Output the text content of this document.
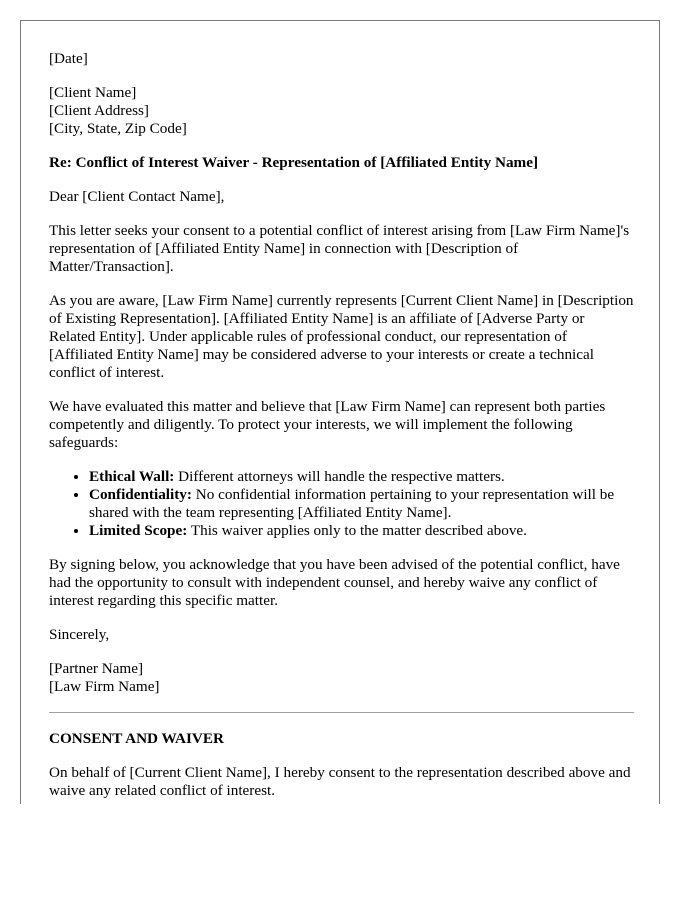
[Date]

[Client Name]

[Client Address]

[City, State, Zip Code]

Re: Conflict of Interest Waiver - Representation of [Affiliated Entity Name]

Dear [Client Contact Name],

This letter seeks your consent to a potential conflict of interest arising from [Law Firm Name]'s representation of [Affiliated Entity Name] in connection with [Description of Matter/Transaction].

As you are aware, [Law Firm Name] currently represents [Current Client Name] in [Description of Existing Representation]. [Affiliated Entity Name] is an affiliate of [Adverse Party or Related Entity]. Under applicable rules of professional conduct, our representation of [Affiliated Entity Name] may be considered adverse to your interests or create a technical conflict of interest.

We have evaluated this matter and believe that [Law Firm Name] can represent both parties competently and diligently. To protect your interests, we will implement the following safeguards:

• Ethical Wall: Different attorneys will handle the respective matters.
• Confidentiality: No confidential information pertaining to your representation will be shared with the team representing [Affiliated Entity Name].
• Limited Scope: This waiver applies only to the matter described above.

By signing below, you acknowledge that you have been advised of the potential conflict, have had the opportunity to consult with independent counsel, and hereby waive any conflict of interest regarding this specific matter.

Sincerely,

[Partner Name]

[Law Firm Name]

CONSENT AND WAIVER

On behalf of [Current Client Name], I hereby consent to the representation described above and waive any related conflict of interest.
